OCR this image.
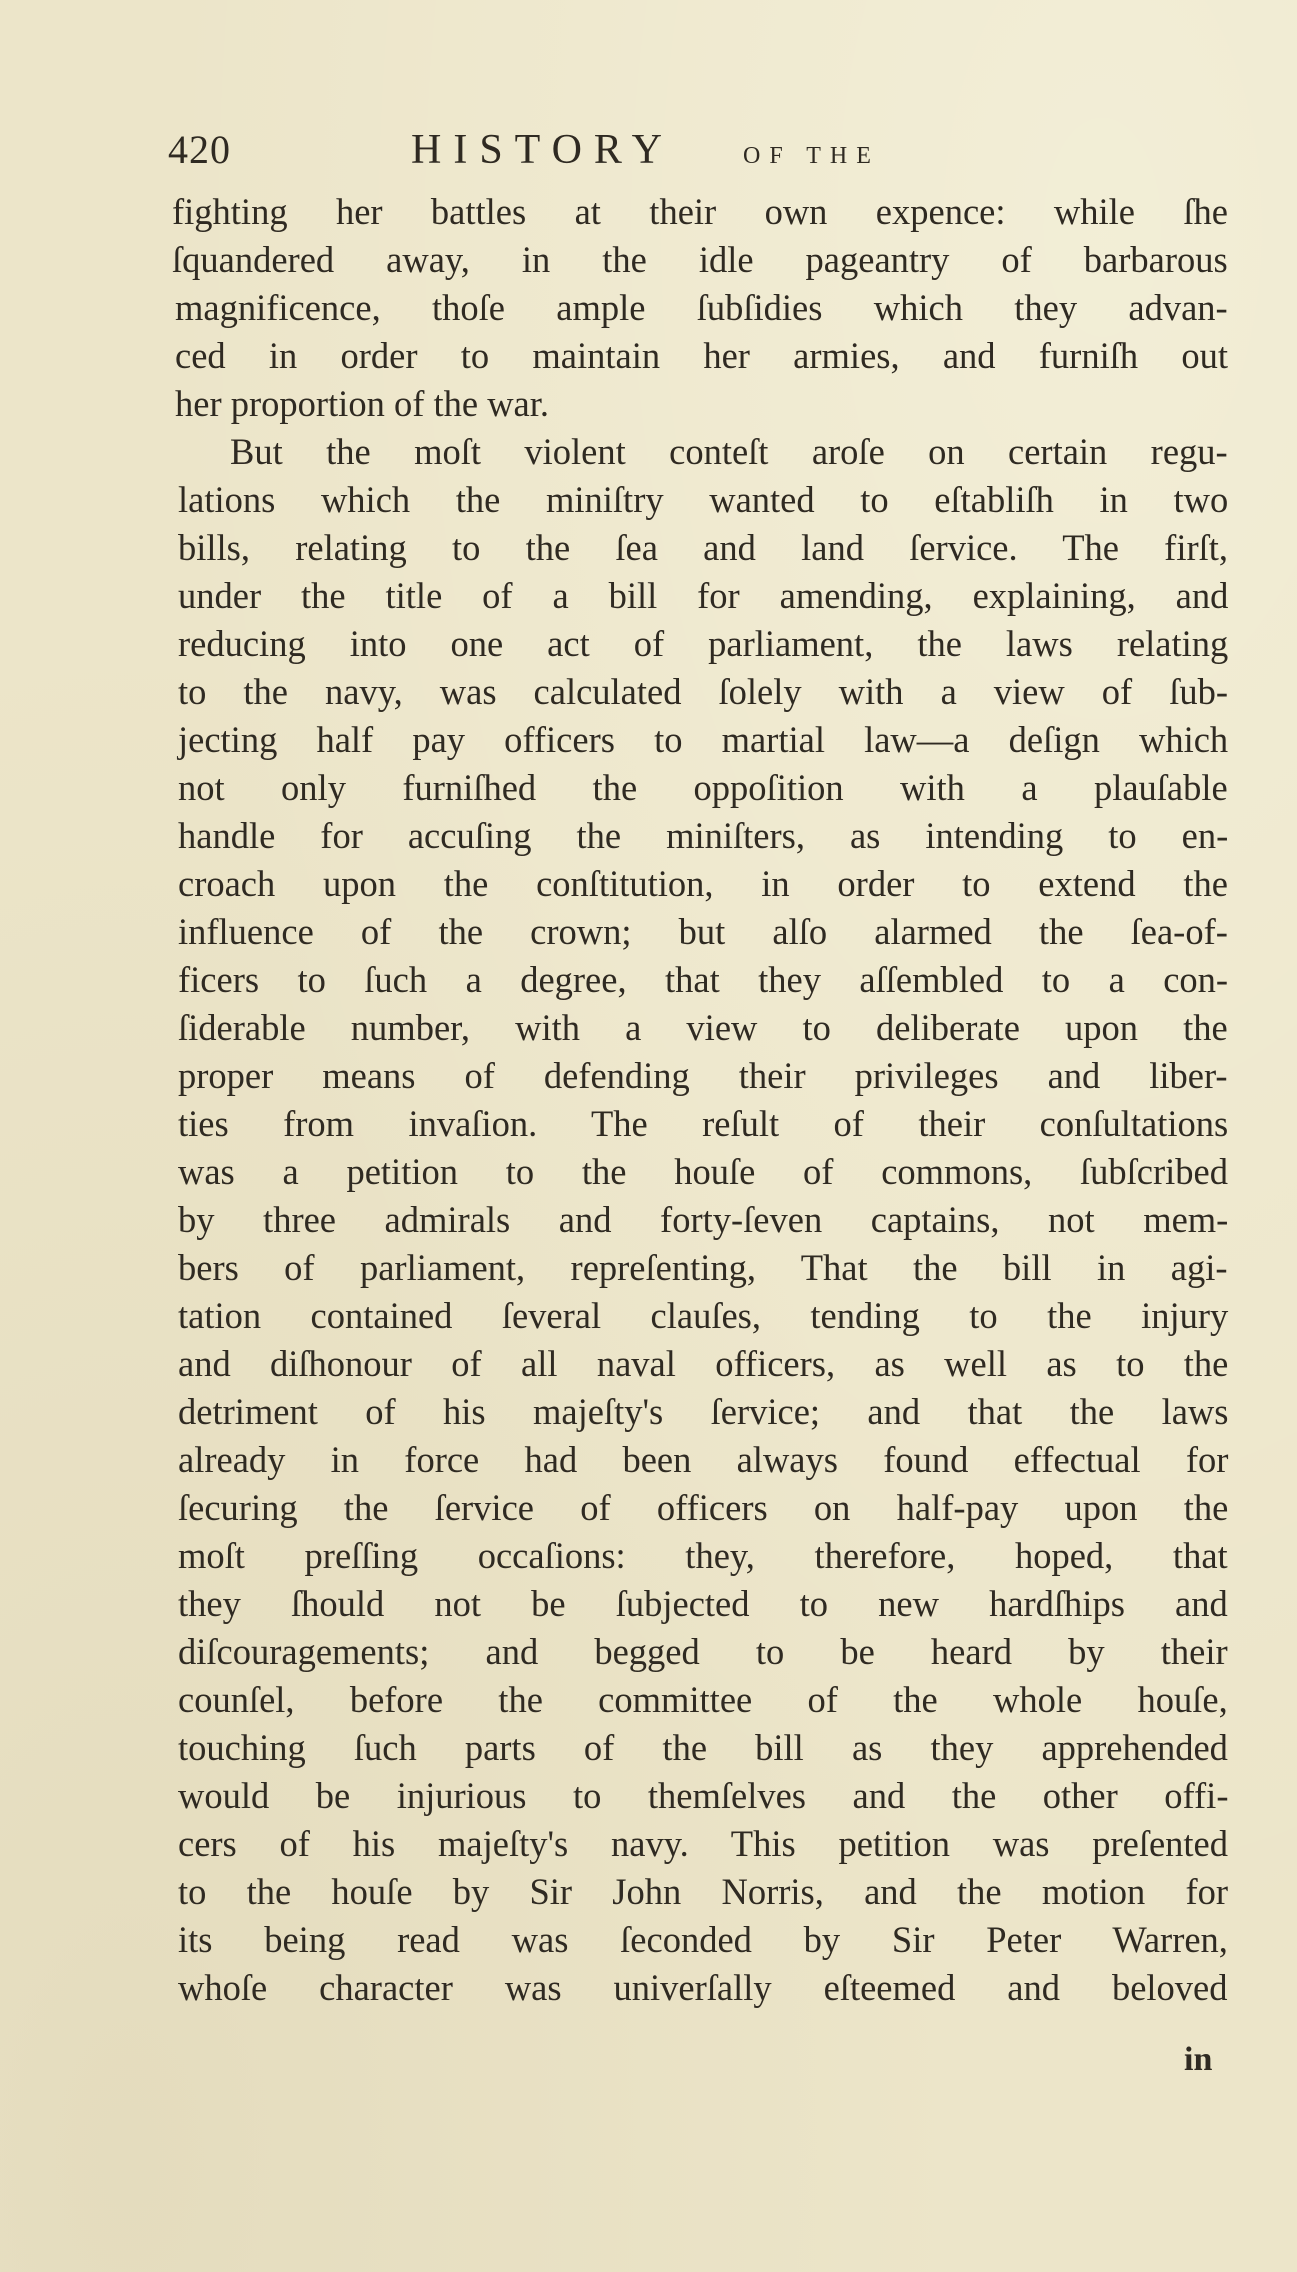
420	HISTORY	OF THE
fighting her battles at their own expence: while ſhe
ſquandered away, in the idle pageantry of barbarous
magnificence, thoſe ample ſubſidies which they advan-
ced in order to maintain her armies, and furniſh out
her proportion of the war.
But the moſt violent conteſt aroſe on certain regu-
lations which the miniſtry wanted to eſtabliſh in two
bills, relating to the ſea and land ſervice. The firſt,
under the title of a bill for amending, explaining, and
reducing into one act of parliament, the laws relating
to the navy, was calculated ſolely with a view of ſub-
jecting half pay officers to martial law—a deſign which
not only furniſhed the oppoſition with a plauſable
handle for accuſing the miniſters, as intending to en-
croach upon the conſtitution, in order to extend the
influence of the crown; but alſo alarmed the ſea-of-
ficers to ſuch a degree, that they aſſembled to a con-
ſiderable number, with a view to deliberate upon the
proper means of defending their privileges and liber-
ties from invaſion. The reſult of their conſultations
was a petition to the houſe of commons, ſubſcribed
by three admirals and forty-ſeven captains, not mem-
bers of parliament, repreſenting, That the bill in agi-
tation contained ſeveral clauſes, tending to the injury
and diſhonour of all naval officers, as well as to the
detriment of his majeſty's ſervice; and that the laws
already in force had been always found effectual for
ſecuring the ſervice of officers on half-pay upon the
moſt preſſing occaſions: they, therefore, hoped, that
they ſhould not be ſubjected to new hardſhips and
diſcouragements; and begged to be heard by their
counſel, before the committee of the whole houſe,
touching ſuch parts of the bill as they apprehended
would be injurious to themſelves and the other offi-
cers of his majeſty's navy. This petition was preſented
to the houſe by Sir John Norris, and the motion for
its being read was ſeconded by Sir Peter Warren,
whoſe character was univerſally eſteemed and beloved
in
